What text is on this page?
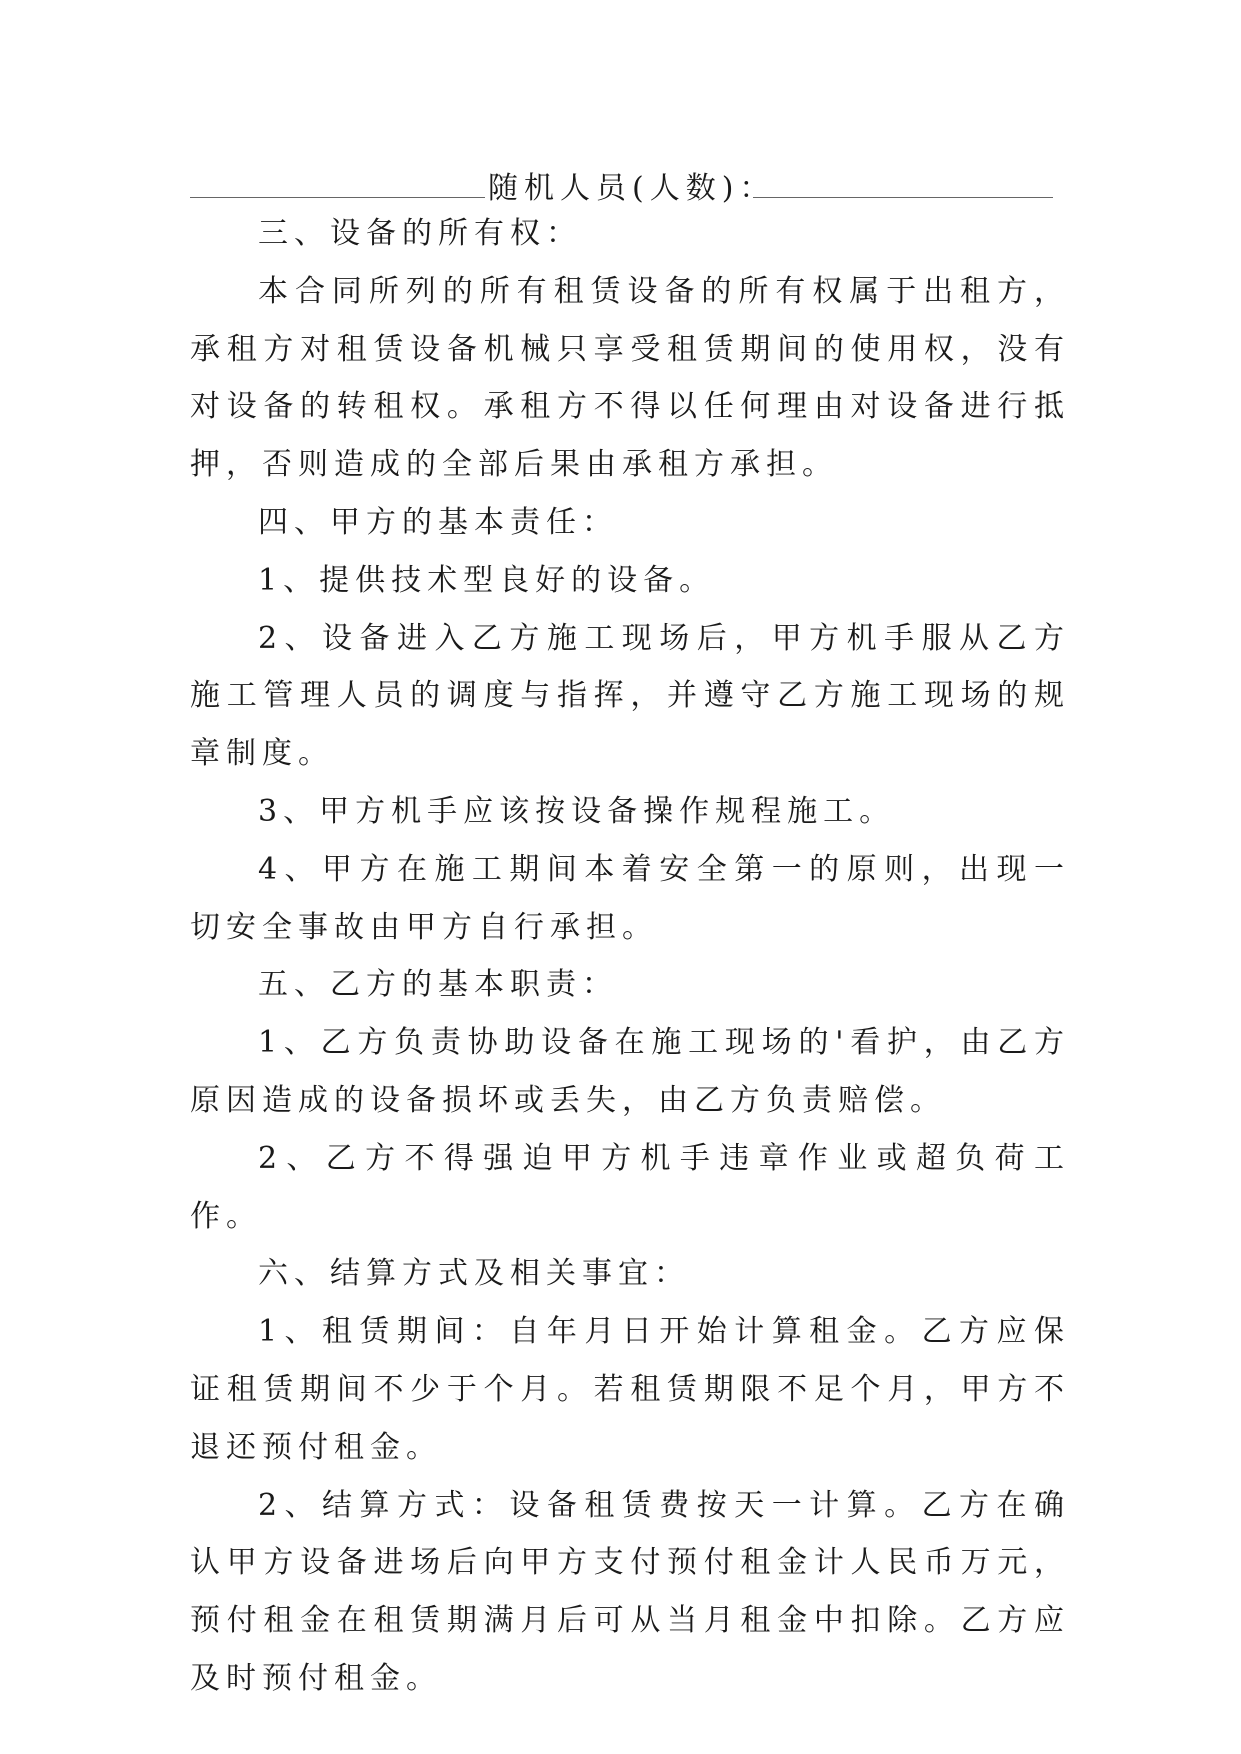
随机人员(人数)：

三、设备的所有权：

本合同所列的所有租赁设备的所有权属于出租方，承租方对租赁设备机械只享受租赁期间的使用权，没有对设备的转租权。承租方不得以任何理由对设备进行抵押，否则造成的全部后果由承租方承担。

四、甲方的基本责任：

1、提供技术型良好的设备。

2、设备进入乙方施工现场后，甲方机手服从乙方施工管理人员的调度与指挥，并遵守乙方施工现场的规章制度。

3、甲方机手应该按设备操作规程施工。

4、甲方在施工期间本着安全第一的原则，出现一切安全事故由甲方自行承担。

五、乙方的基本职责：

1、乙方负责协助设备在施工现场的'看护，由乙方原因造成的设备损坏或丢失，由乙方负责赔偿。

2、乙方不得强迫甲方机手违章作业或超负荷工作。

六、结算方式及相关事宜：

1、租赁期间：自年月日开始计算租金。乙方应保证租赁期间不少于个月。若租赁期限不足个月，甲方不退还预付租金。

2、结算方式：设备租赁费按天一计算。乙方在确认甲方设备进场后向甲方支付预付租金计人民币万元，预付租金在租赁期满月后可从当月租金中扣除。乙方应及时预付租金。
